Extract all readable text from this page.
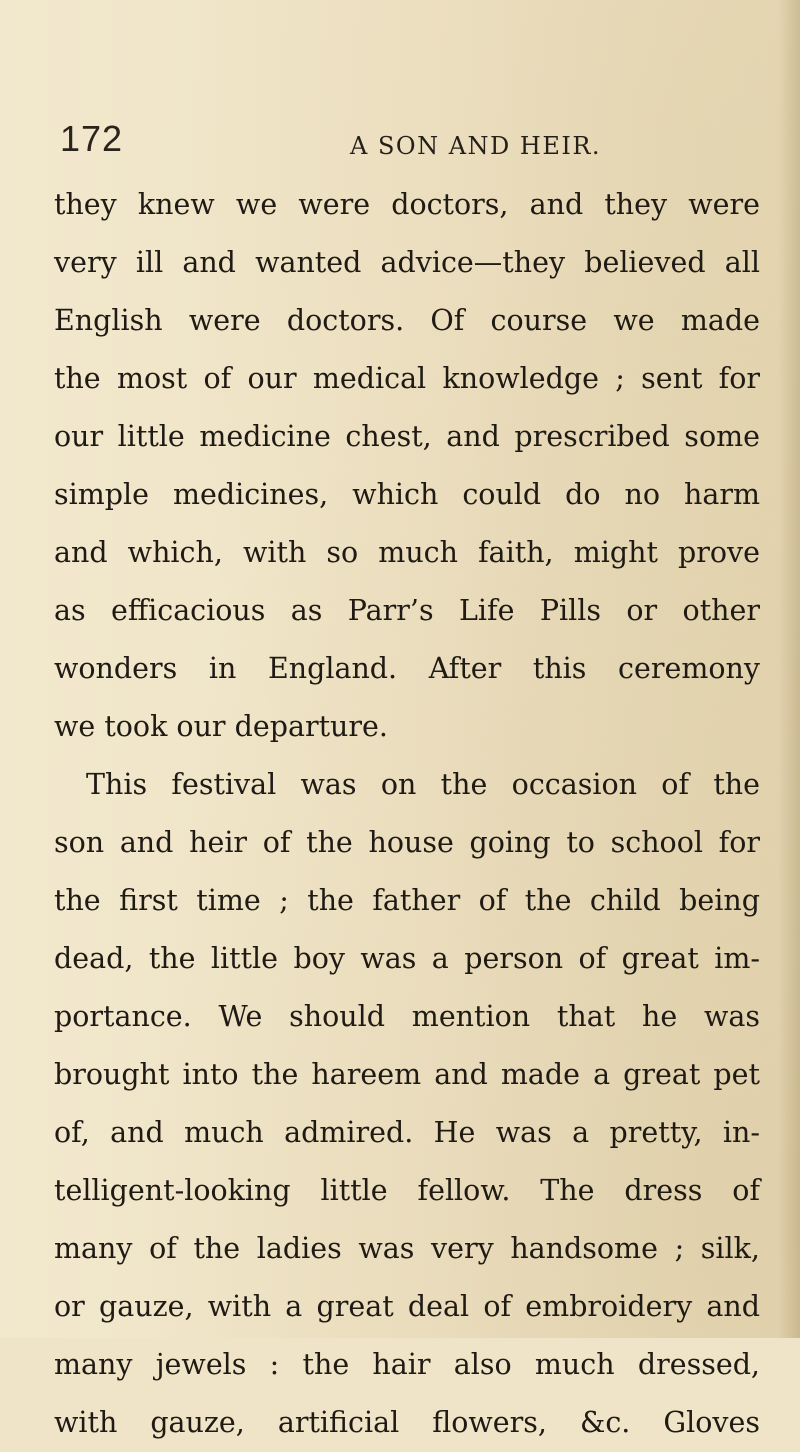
172	A SON AND HEIR.
they knew we were doctors, and they were
very ill and wanted advice—they believed all
English were doctors. Of course we made
the most of our medical knowledge ; sent for
our little medicine chest, and prescribed some
simple medicines, which could do no harm
and which, with so much faith, might prove
as efficacious as Parr’s Life Pills or other
wonders in England. After this ceremony
we took our departure.
This festival was on the occasion of the
son and heir of the house going to school for
the first time ; the father of the child being
dead, the little boy was a person of great im-
portance. We should mention that he was
brought into the hareem and made a great pet
of, and much admired. He was a pretty, in-
telligent-looking little fellow. The dress of
many of the ladies was very handsome ; silk,
or gauze, with a great deal of embroidery and
many jewels : the hair also much dressed,
with gauze, artificial flowers, &c. Gloves
